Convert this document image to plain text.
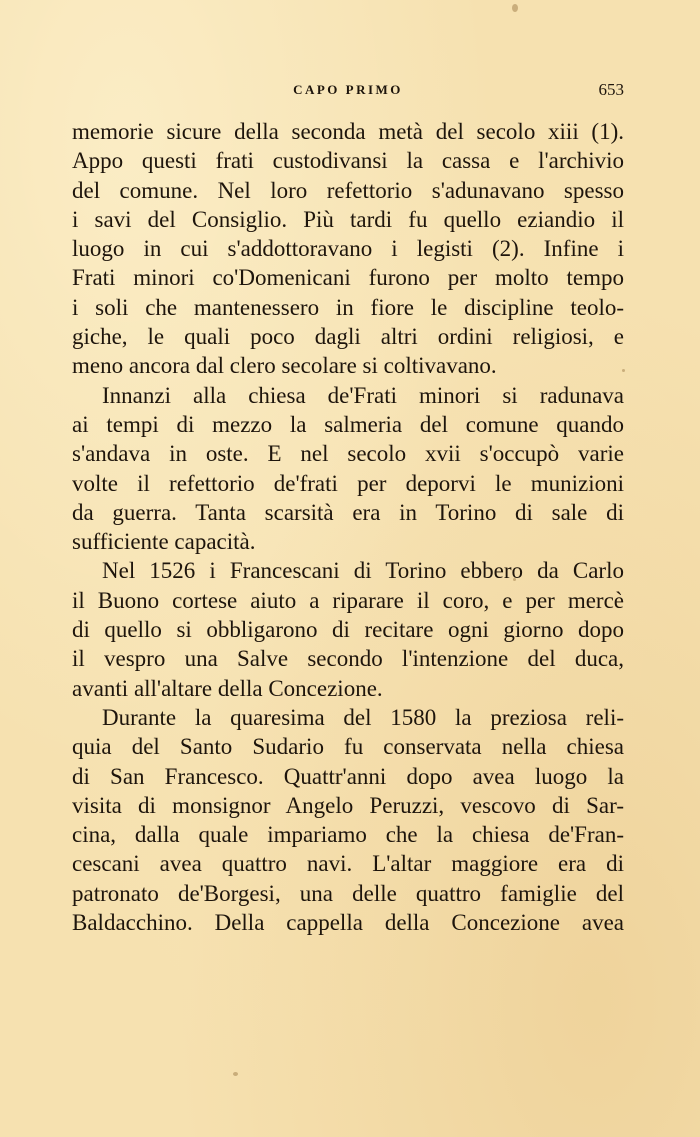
CAPO PRIMO	653
memorie sicure della seconda metà del secolo xiii (1).
Appo questi frati custodivansi la cassa e l'archivio
del comune. Nel loro refettorio s'adunavano spesso
i savi del Consiglio. Più tardi fu quello eziandio il
luogo in cui s'addottoravano i legisti (2). Infine i
Frati minori co'Domenicani furono per molto tempo
i soli che mantenessero in fiore le discipline teolo-
giche, le quali poco dagli altri ordini religiosi, e
meno ancora dal clero secolare si coltivavano.
Innanzi alla chiesa de'Frati minori si radunava
ai tempi di mezzo la salmeria del comune quando
s'andava in oste. E nel secolo xvii s'occupò varie
volte il refettorio de'frati per deporvi le munizioni
da guerra. Tanta scarsità era in Torino di sale di
sufficiente capacità.
Nel 1526 i Francescani di Torino ebbero da Carlo
il Buono cortese aiuto a riparare il coro, e per mercè
di quello si obbligarono di recitare ogni giorno dopo
il vespro una Salve secondo l'intenzione del duca,
avanti all'altare della Concezione.
Durante la quaresima del 1580 la preziosa reli-
quia del Santo Sudario fu conservata nella chiesa
di San Francesco. Quattr'anni dopo avea luogo la
visita di monsignor Angelo Peruzzi, vescovo di Sar-
cina, dalla quale impariamo che la chiesa de'Fran-
cescani avea quattro navi. L'altar maggiore era di
patronato de'Borgesi, una delle quattro famiglie del
Baldacchino. Della cappella della Concezione avea
